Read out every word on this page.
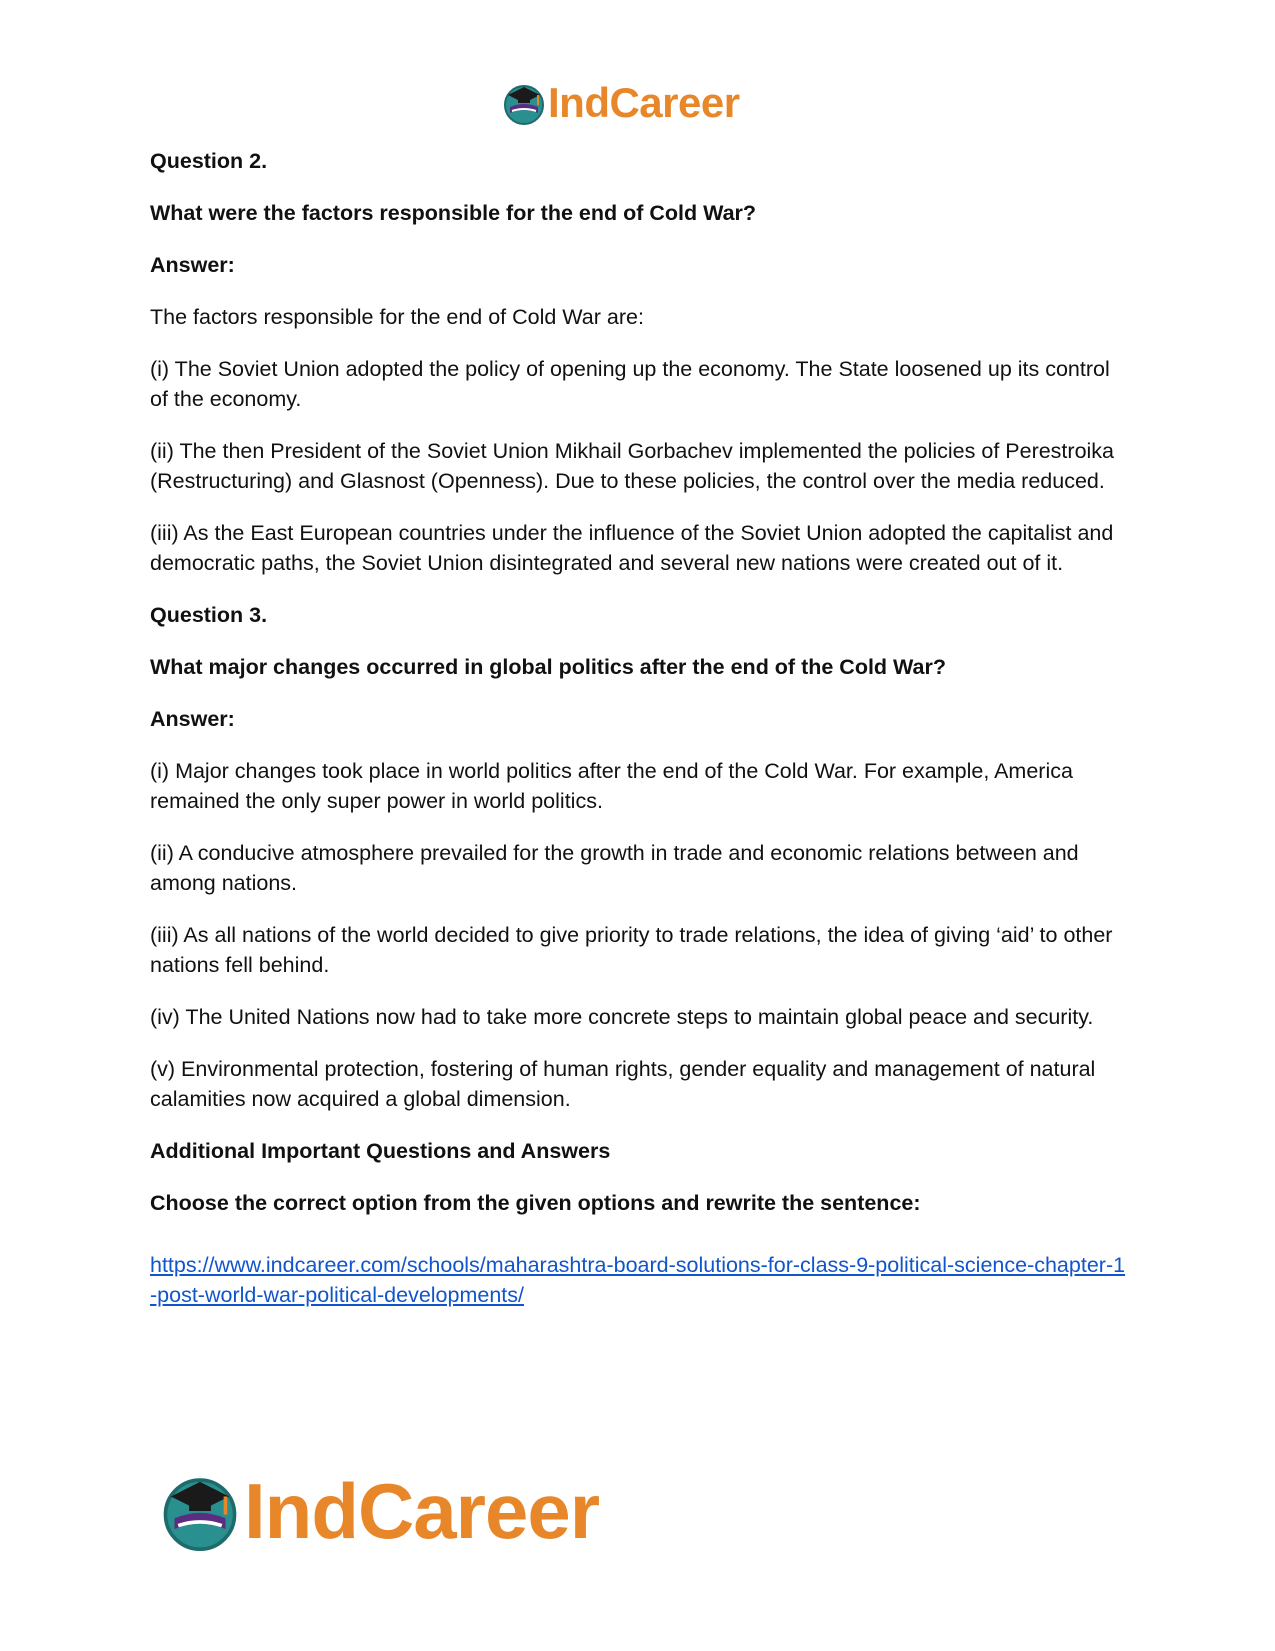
IndCareer

Question 2.

What were the factors responsible for the end of Cold War?

Answer:

The factors responsible for the end of Cold War are:

(i) The Soviet Union adopted the policy of opening up the economy. The State loosened up its control of the economy.

(ii) The then President of the Soviet Union Mikhail Gorbachev implemented the policies of Perestroika (Restructuring) and Glasnost (Openness). Due to these policies, the control over the media reduced.

(iii) As the East European countries under the influence of the Soviet Union adopted the capitalist and democratic paths, the Soviet Union disintegrated and several new nations were created out of it.

Question 3.

What major changes occurred in global politics after the end of the Cold War?

Answer:

(i) Major changes took place in world politics after the end of the Cold War. For example, America remained the only super power in world politics.

(ii) A conducive atmosphere prevailed for the growth in trade and economic relations between and among nations.

(iii) As all nations of the world decided to give priority to trade relations, the idea of giving ‘aid’ to other nations fell behind.

(iv) The United Nations now had to take more concrete steps to maintain global peace and security.

(v) Environmental protection, fostering of human rights, gender equality and management of natural calamities now acquired a global dimension.

Additional Important Questions and Answers

Choose the correct option from the given options and rewrite the sentence:

https://www.indcareer.com/schools/maharashtra-board-solutions-for-class-9-political-science-chapter-1-post-world-war-political-developments/
IndCareer
